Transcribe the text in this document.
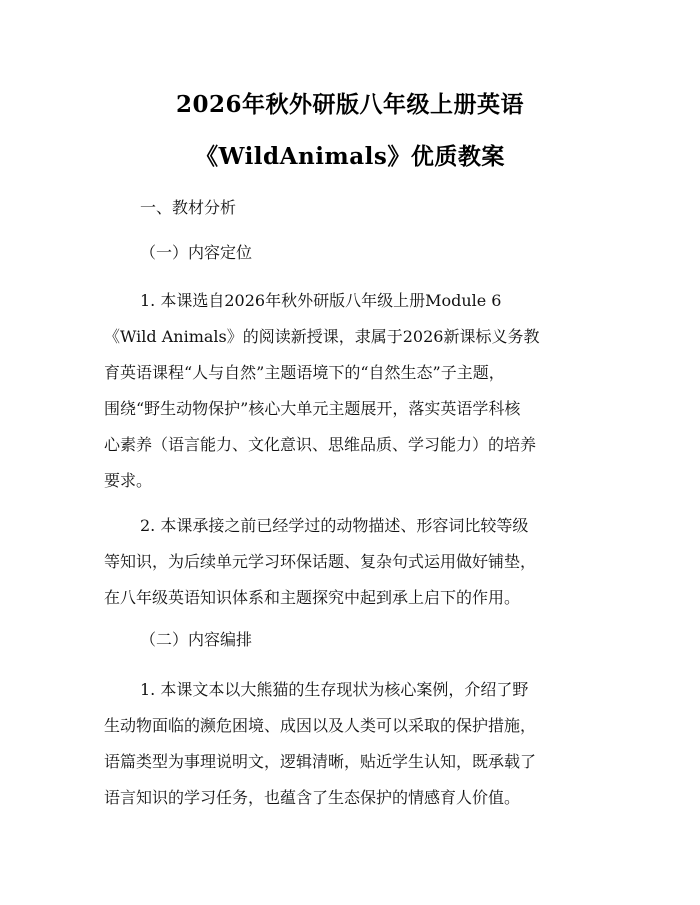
2026年秋外研版八年级上册英语
《WildAnimals》优质教案
一、教材分析
（一）内容定位
1. 本课选自2026年秋外研版八年级上册Module 6
《Wild Animals》的阅读新授课，隶属于2026新课标义务教
育英语课程“人与自然”主题语境下的“自然生态”子主题，
围绕“野生动物保护”核心大单元主题展开，落实英语学科核
心素养（语言能力、文化意识、思维品质、学习能力）的培养
要求。
2. 本课承接之前已经学过的动物描述、形容词比较等级
等知识，为后续单元学习环保话题、复杂句式运用做好铺垫，
在八年级英语知识体系和主题探究中起到承上启下的作用。
（二）内容编排
1. 本课文本以大熊猫的生存现状为核心案例，介绍了野
生动物面临的濒危困境、成因以及人类可以采取的保护措施，
语篇类型为事理说明文，逻辑清晰，贴近学生认知，既承载了
语言知识的学习任务，也蕴含了生态保护的情感育人价值。
